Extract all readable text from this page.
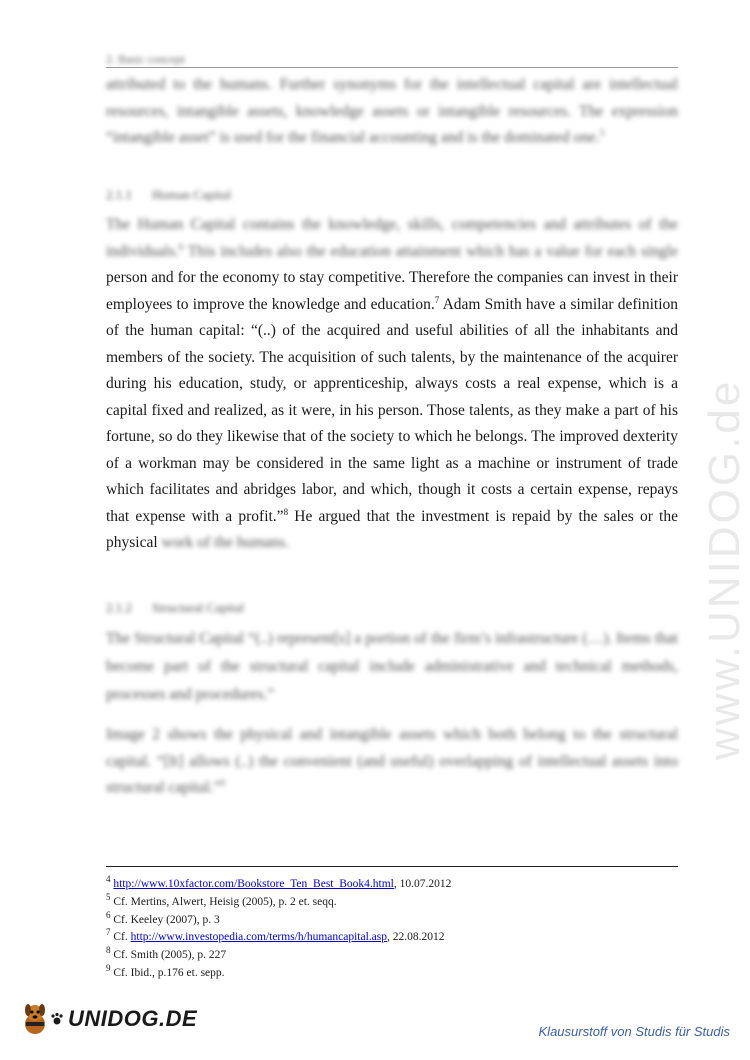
2. Basic concept
attributed to the humans. Further synonyms for the intellectual capital are intellectual resources, intangible assets, knowledge assets or intangible resources. The expression “intangible asset” is used for the financial accounting and is the dominated one.$^5$
2.1.1 Human Capital
The Human Capital contains the knowledge, skills, competencies and attributes of the individuals.$^6$ This includes also the education attainment which has a value for each single person and for the economy to stay competitive. Therefore the companies can invest in their employees to improve the knowledge and education.$^7$ Adam Smith have a similar definition of the human capital: “(..) of the acquired and useful abilities of all the inhabitants and members of the society. The acquisition of such talents, by the maintenance of the acquirer during his education, study, or apprenticeship, always costs a real expense, which is a capital fixed and realized, as it were, in his person. Those talents, as they make a part of his fortune, so do they likewise that of the society to which he belongs. The improved dexterity of a workman may be considered in the same light as a machine or instrument of trade which facilitates and abridges labor, and which, though it costs a certain expense, repays that expense with a profit.”$^8$ He argued that the investment is repaid by the sales or the physical work of the humans.
2.1.2 Structural Capital
The Structural Capital “(..) represent[s] a portion of the firm’s infrastructure (…). Items that become part of the structural capital include administrative and technical methods, processes and procedures.”
Image 2 shows the physical and intangible assets which both belong to the structural capital. “[It] allows (..) the convenient (and useful) overlapping of intellectual assets into structural capital.”$^9$
www.UNIDOG.de
$^4$ http://www.10xfactor.com/Bookstore_Ten_Best_Book4.html, 10.07.2012
$^5$ Cf. Mertins, Alwert, Heisig (2005), p. 2 et. seqq.
$^6$ Cf. Keeley (2007), p. 3
$^7$ Cf. http://www.investopedia.com/terms/h/humancapital.asp, 22.08.2012
$^8$ Cf. Smith (2005), p. 227
$^9$ Cf. Ibid., p.176 et. sepp.
UNIDOG.DE
Klausurstoff von Studis für Studis
